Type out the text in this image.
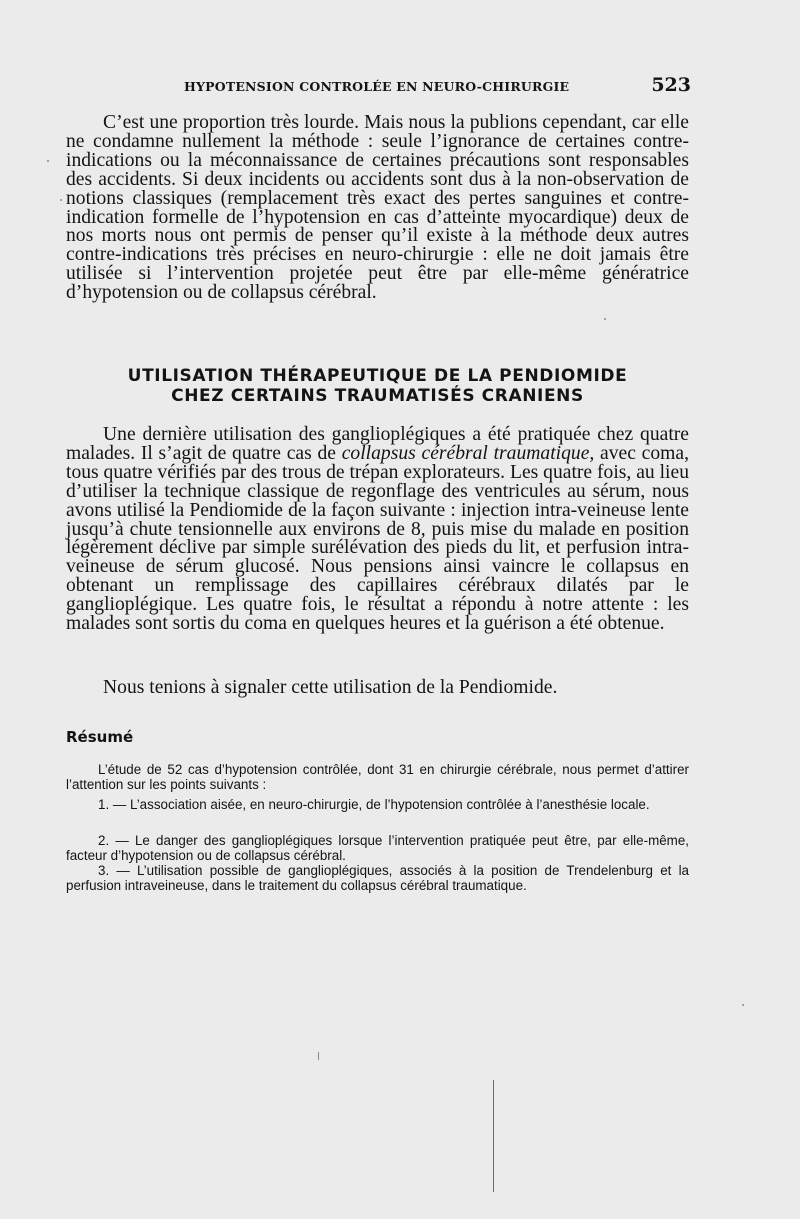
HYPOTENSION CONTROLÉE EN NEURO-CHIRURGIE	523

C’est une proportion très lourde. Mais nous la publions cependant, car elle ne condamne nullement la méthode : seule l’ignorance de certaines contre-indications ou la méconnaissance de certaines précautions sont responsables des accidents. Si deux incidents ou accidents sont dus à la non-observation de notions classiques (remplacement très exact des pertes sanguines et contre-indication formelle de l’hypotension en cas d’atteinte myocardique) deux de nos morts nous ont permis de penser qu’il existe à la méthode deux autres contre-indications très précises en neuro-chirurgie : elle ne doit jamais être utilisée si l’intervention projetée peut être par elle-même génératrice d’hypotension ou de collapsus cérébral.

UTILISATION THÉRAPEUTIQUE DE LA PENDIOMIDE
CHEZ CERTAINS TRAUMATISÉS CRANIENS

Une dernière utilisation des ganglioplégiques a été pratiquée chez quatre malades. Il s’agit de quatre cas de collapsus cérébral traumatique, avec coma, tous quatre vérifiés par des trous de trépan explorateurs. Les quatre fois, au lieu d’utiliser la technique classique de regonflage des ventricules au sérum, nous avons utilisé la Pendiomide de la façon suivante : injection intra-veineuse lente jusqu’à chute tensionnelle aux environs de 8, puis mise du malade en position légèrement déclive par simple surélévation des pieds du lit, et perfusion intra-veineuse de sérum glucosé. Nous pensions ainsi vaincre le collapsus en obtenant un remplissage des capillaires cérébraux dilatés par le ganglioplégique. Les quatre fois, le résultat a répondu à notre attente : les malades sont sortis du coma en quelques heures et la guérison a été obtenue.

Nous tenions à signaler cette utilisation de la Pendiomide.

Résumé

L’étude de 52 cas d’hypotension contrôlée, dont 31 en chirurgie cérébrale, nous permet d’attirer l’attention sur les points suivants :

1. — L’association aisée, en neuro-chirurgie, de l’hypotension contrôlée à l’anesthésie locale.

2. — Le danger des ganglioplégiques lorsque l’intervention pratiquée peut être, par elle-même, facteur d’hypotension ou de collapsus cérébral.

3. — L’utilisation possible de ganglioplégiques, associés à la position de Trendelenburg et la perfusion intraveineuse, dans le traitement du collapsus cérébral traumatique.
